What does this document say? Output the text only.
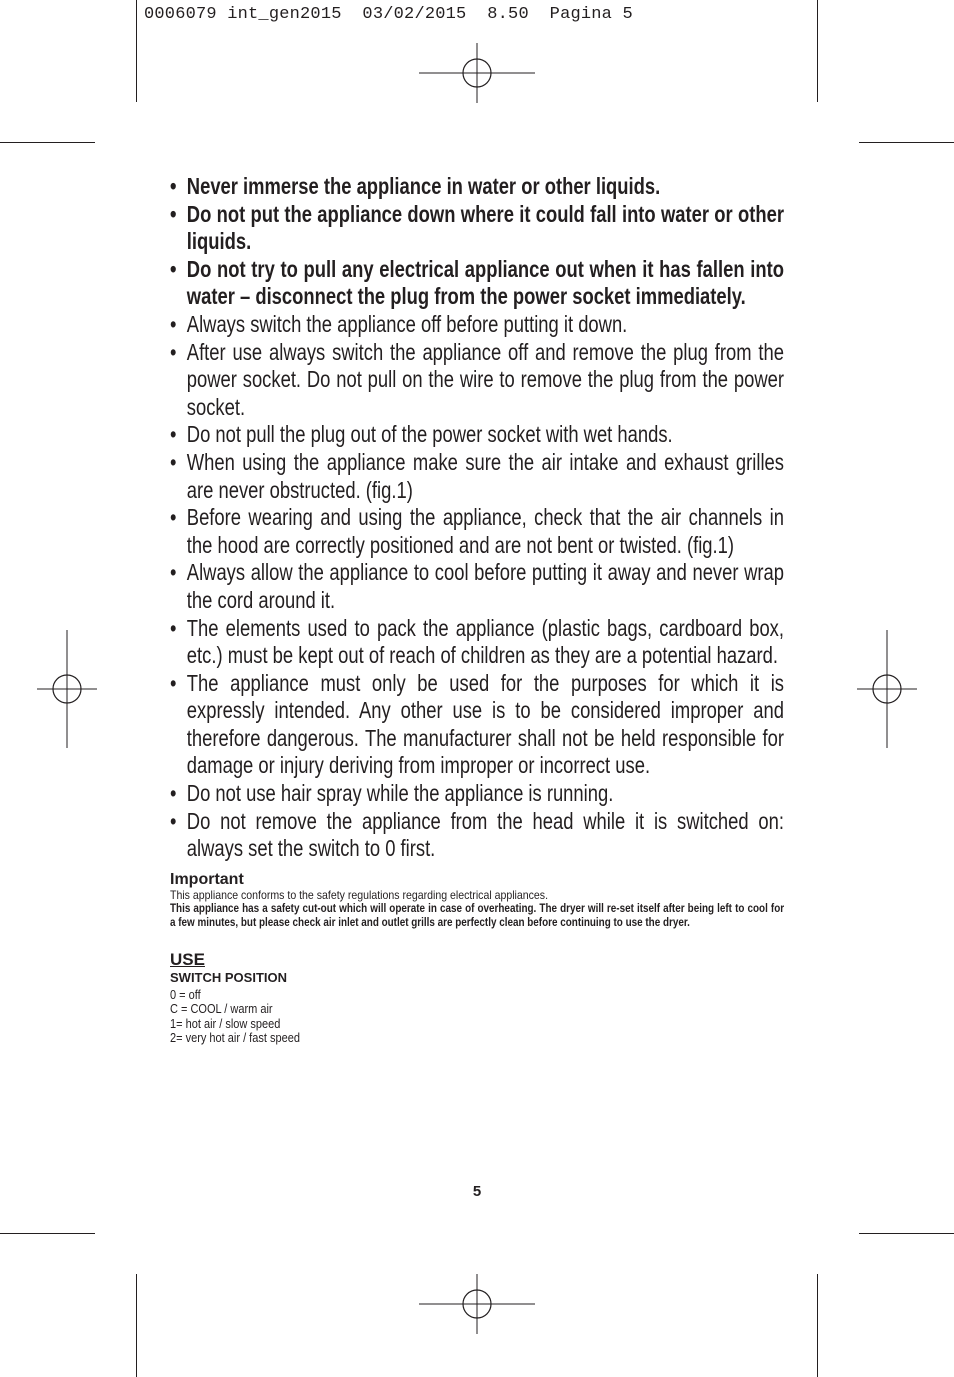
0006079 int_gen2015  03/02/2015  8.50  Pagina 5
• Never immerse the appliance in water or other liquids.
• Do not put the appliance down where it could fall into water or other liquids.
• Do not try to pull any electrical appliance out when it has fallen into water – disconnect the plug from the power socket immediately.
• Always switch the appliance off before putting it down.
• After use always switch the appliance off and remove the plug from the power socket. Do not pull on the wire to remove the plug from the power socket.
• Do not pull the plug out of the power socket with wet hands.
• When using the appliance make sure the air intake and exhaust grilles are never obstructed. (fig.1)
• Before wearing and using the appliance, check that the air channels in the hood are correctly positioned and are not bent or twisted. (fig.1)
• Always allow the appliance to cool before putting it away and never wrap the cord around it.
• The elements used to pack the appliance (plastic bags, cardboard box, etc.) must be kept out of reach of children as they are a potential hazard.
• The appliance must only be used for the purposes for which it is expressly intended. Any other use is to be considered improper and therefore dangerous. The manufacturer shall not be held responsible for damage or injury deriving from improper or incorrect use.
• Do not use hair spray while the appliance is running.
• Do not remove the appliance from the head while it is switched on: always set the switch to 0 first.
Important
This appliance conforms to the safety regulations regarding electrical appliances.
This appliance has a safety cut-out which will operate in case of overheating. The dryer will re-set itself after being left to cool for a few minutes, but please check air inlet and outlet grills are perfectly clean before continuing to use the dryer.
USE
SWITCH POSITION
0 = off
C = COOL / warm air
1= hot air / slow speed
2= very hot air / fast speed
5
